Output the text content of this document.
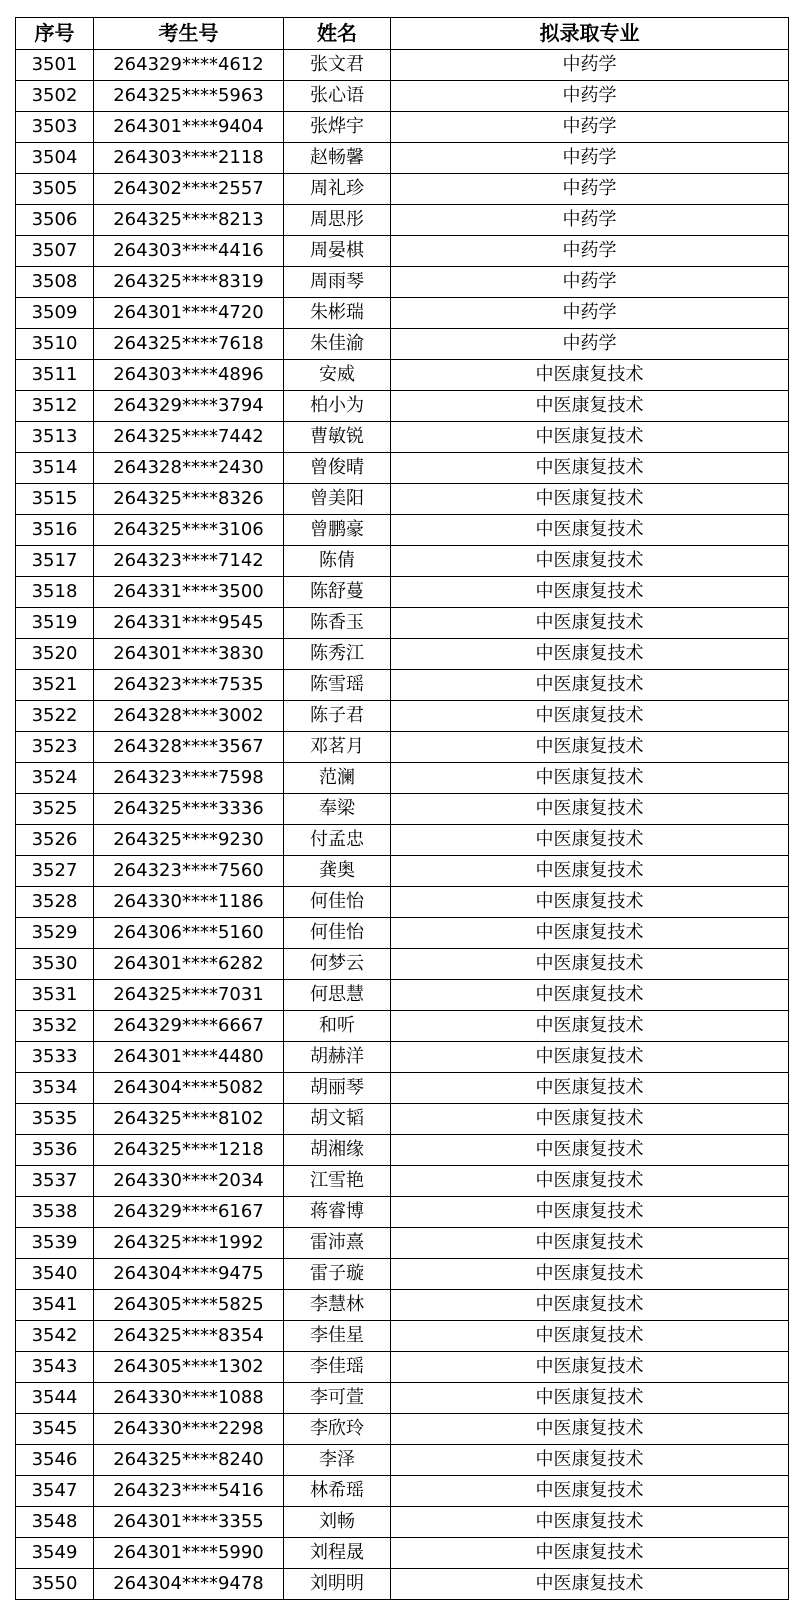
序号	考生号	姓名	拟录取专业
3501	264329****4612	张文君	中药学
3502	264325****5963	张心语	中药学
3503	264301****9404	张烨宇	中药学
3504	264303****2118	赵畅馨	中药学
3505	264302****2557	周礼珍	中药学
3506	264325****8213	周思彤	中药学
3507	264303****4416	周晏棋	中药学
3508	264325****8319	周雨琴	中药学
3509	264301****4720	朱彬瑞	中药学
3510	264325****7618	朱佳渝	中药学
3511	264303****4896	安威	中医康复技术
3512	264329****3794	柏小为	中医康复技术
3513	264325****7442	曹敏锐	中医康复技术
3514	264328****2430	曾俊晴	中医康复技术
3515	264325****8326	曾美阳	中医康复技术
3516	264325****3106	曾鹏豪	中医康复技术
3517	264323****7142	陈倩	中医康复技术
3518	264331****3500	陈舒蔓	中医康复技术
3519	264331****9545	陈香玉	中医康复技术
3520	264301****3830	陈秀江	中医康复技术
3521	264323****7535	陈雪瑶	中医康复技术
3522	264328****3002	陈子君	中医康复技术
3523	264328****3567	邓茗月	中医康复技术
3524	264323****7598	范澜	中医康复技术
3525	264325****3336	奉梁	中医康复技术
3526	264325****9230	付孟忠	中医康复技术
3527	264323****7560	龚奥	中医康复技术
3528	264330****1186	何佳怡	中医康复技术
3529	264306****5160	何佳怡	中医康复技术
3530	264301****6282	何梦云	中医康复技术
3531	264325****7031	何思慧	中医康复技术
3532	264329****6667	和听	中医康复技术
3533	264301****4480	胡赫洋	中医康复技术
3534	264304****5082	胡丽琴	中医康复技术
3535	264325****8102	胡文韬	中医康复技术
3536	264325****1218	胡湘缘	中医康复技术
3537	264330****2034	江雪艳	中医康复技术
3538	264329****6167	蒋睿博	中医康复技术
3539	264325****1992	雷沛熹	中医康复技术
3540	264304****9475	雷子璇	中医康复技术
3541	264305****5825	李慧林	中医康复技术
3542	264325****8354	李佳星	中医康复技术
3543	264305****1302	李佳瑶	中医康复技术
3544	264330****1088	李可萱	中医康复技术
3545	264330****2298	李欣玲	中医康复技术
3546	264325****8240	李泽	中医康复技术
3547	264323****5416	林希瑶	中医康复技术
3548	264301****3355	刘畅	中医康复技术
3549	264301****5990	刘程晟	中医康复技术
3550	264304****9478	刘明明	中医康复技术
